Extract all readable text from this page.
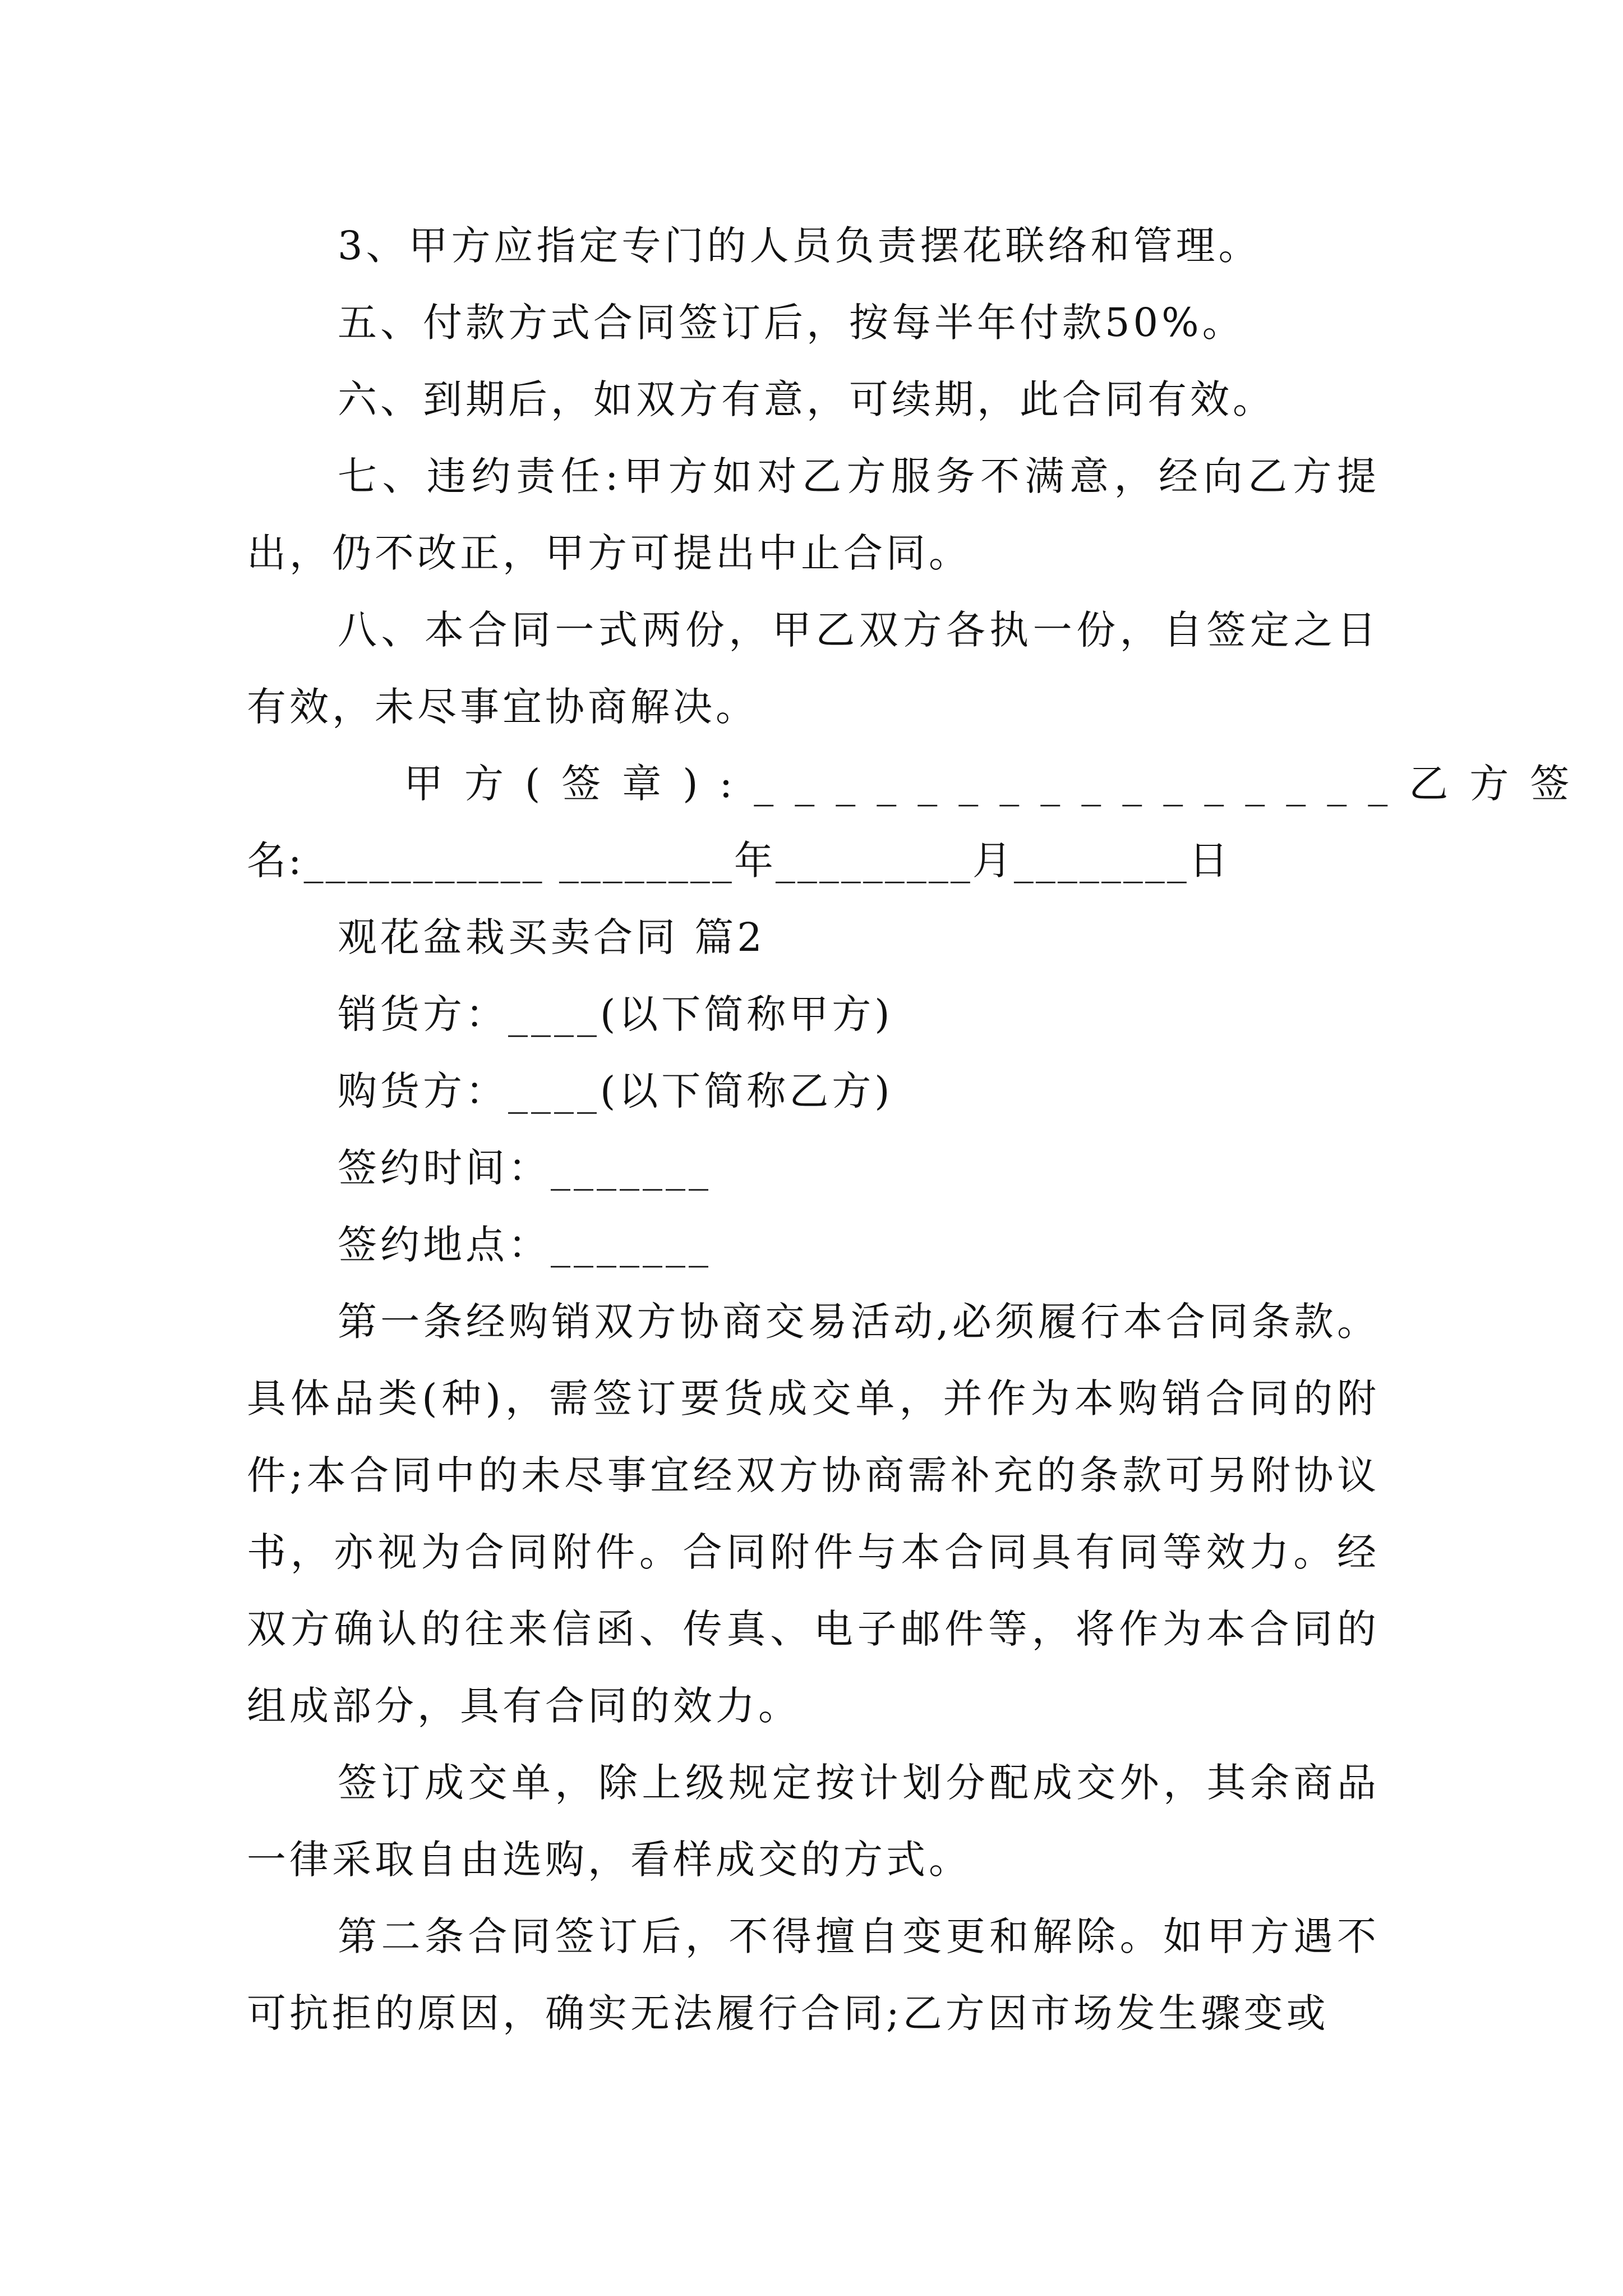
3、甲方应指定专门的人员负责摆花联络和管理。

五、付款方式合同签订后，按每半年付款50%。

六、到期后，如双方有意，可续期，此合同有效。

七、违约责任:甲方如对乙方服务不满意，经向乙方提出，仍不改正，甲方可提出中止合同。

八、本合同一式两份，甲乙双方各执一份，自签定之日有效，未尽事宜协商解决。

甲方(签章):________________乙方签

名:___________ ________年_________月________日

观花盆栽买卖合同 篇2

销货方：____(以下简称甲方)

购货方：____(以下简称乙方)

签约时间：_______

签约地点：_______

第一条经购销双方协商交易活动,必须履行本合同条款。具体品类(种)，需签订要货成交单，并作为本购销合同的附件;本合同中的未尽事宜经双方协商需补充的条款可另附协议书，亦视为合同附件。合同附件与本合同具有同等效力。经双方确认的往来信函、传真、电子邮件等，将作为本合同的组成部分，具有合同的效力。

签订成交单，除上级规定按计划分配成交外，其余商品一律采取自由选购，看样成交的方式。

第二条合同签订后，不得擅自变更和解除。如甲方遇不可抗拒的原因，确实无法履行合同;乙方因市场发生骤变或
